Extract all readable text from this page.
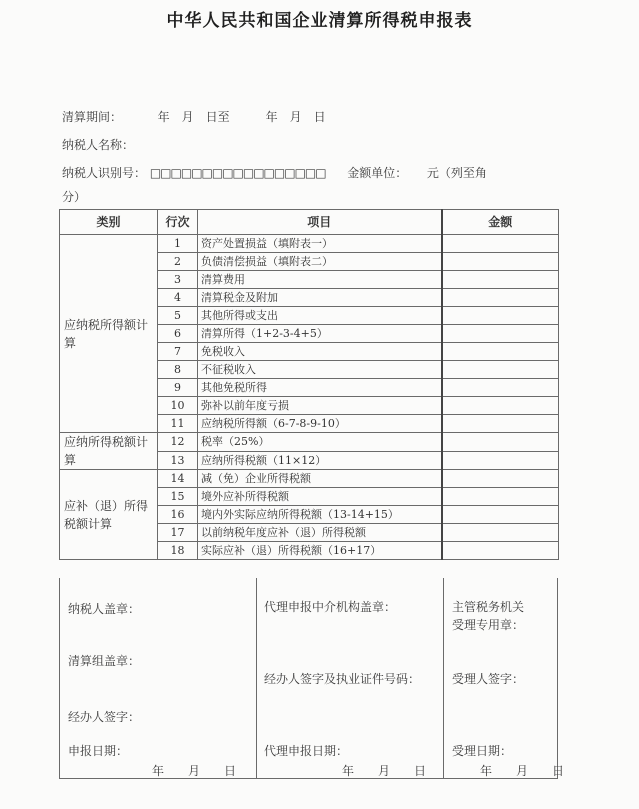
中华人民共和国企业清算所得税申报表
清算期间：	年　月　日至　　　年　月　日
纳税人名称：
纳税人识别号： □□□□□□□□□□□□□□□□□ 金额单位： 元（列至角
分）
类别	行次	项目	金额
应纳税所得额计算	1	资产处置损益（填附表一）	
	2	负债清偿损益（填附表二）	
	3	清算费用	
	4	清算税金及附加	
	5	其他所得或支出	
	6	清算所得（1+2-3-4+5）	
	7	免税收入	
	8	不征税收入	
	9	其他免税所得	
	10	弥补以前年度亏损	
	11	应纳税所得额（6-7-8-9-10）	
应纳所得税额计算	12	税率（25%）	
	13	应纳所得税额（11×12）	
应补（退）所得税额计算	14	减（免）企业所得税额	
	15	境外应补所得税额	
	16	境内外实际应纳所得税额（13-14+15）	
	17	以前纳税年度应补（退）所得税额	
	18	实际应补（退）所得税额（16+17）	
纳税人盖章：
清算组盖章：
经办人签字：
申报日期：
年　　月　　日
代理申报中介机构盖章：
经办人签字及执业证件号码：
代理申报日期：
年　　月　　日
主管税务机关
受理专用章：
受理人签字：
受理日期：
年　　月　　日
